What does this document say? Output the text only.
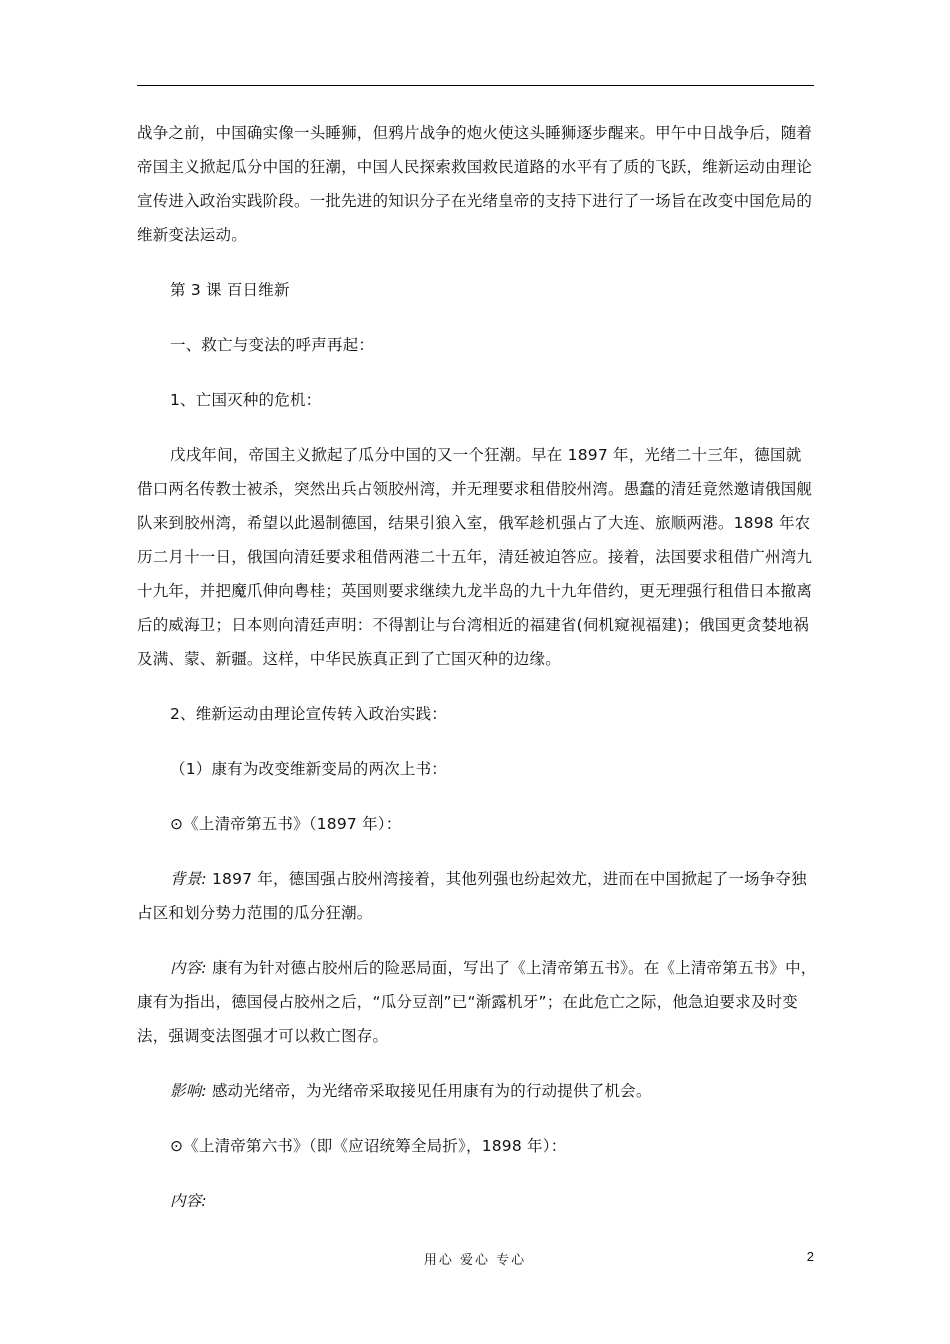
战争之前，中国确实像一头睡狮，但鸦片战争的炮火使这头睡狮逐步醒来。甲午中日战争后，随着帝国主义掀起瓜分中国的狂潮，中国人民探索救国救民道路的水平有了质的飞跃，维新运动由理论宣传进入政治实践阶段。一批先进的知识分子在光绪皇帝的支持下进行了一场旨在改变中国危局的维新变法运动。

第 3 课 百日维新

一、救亡与变法的呼声再起：

1、亡国灭种的危机：

戊戌年间，帝国主义掀起了瓜分中国的又一个狂潮。早在 1897 年，光绪二十三年，德国就借口两名传教士被杀，突然出兵占领胶州湾，并无理要求租借胶州湾。愚蠢的清廷竟然邀请俄国舰队来到胶州湾，希望以此遏制德国，结果引狼入室，俄军趁机强占了大连、旅顺两港。1898 年农历二月十一日，俄国向清廷要求租借两港二十五年，清廷被迫答应。接着，法国要求租借广州湾九十九年，并把魔爪伸向粤桂；英国则要求继续九龙半岛的九十九年借约，更无理强行租借日本撤离后的威海卫；日本则向清廷声明：不得割让与台湾相近的福建省(伺机窥视福建)；俄国更贪婪地祸及满、蒙、新疆。这样，中华民族真正到了亡国灭种的边缘。

2、维新运动由理论宣传转入政治实践：

（1）康有为改变维新变局的两次上书：

⊙《上清帝第五书》（1897 年）：

背景: 1897 年，德国强占胶州湾接着，其他列强也纷起效尤，进而在中国掀起了一场争夺独占区和划分势力范围的瓜分狂潮。

内容: 康有为针对德占胶州后的险恶局面，写出了《上清帝第五书》。在《上清帝第五书》中，康有为指出，德国侵占胶州之后，“瓜分豆剖”已“渐露机牙”；在此危亡之际，他急迫要求及时变法，强调变法图强才可以救亡图存。

影响: 感动光绪帝，为光绪帝采取接见任用康有为的行动提供了机会。

⊙《上清帝第六书》（即《应诏统筹全局折》，1898 年）：

内容:

用心 爱心 专心	2
